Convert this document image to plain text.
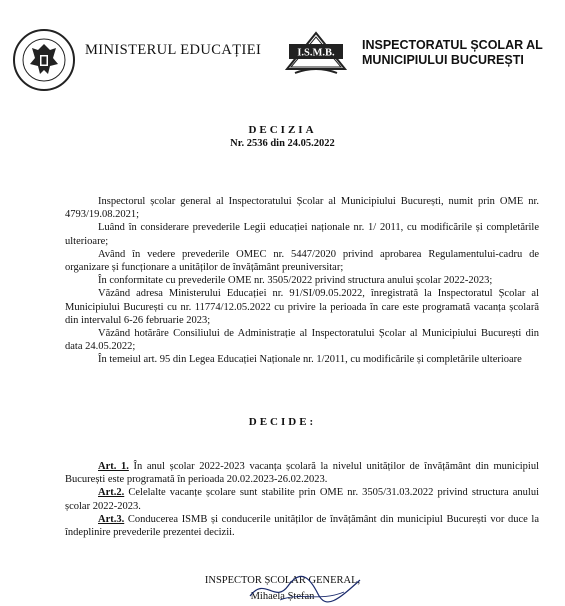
MINISTERUL EDUCAȚIEI	I.S.M.B.
INSPECTORATUL ȘCOLAR AL
MUNICIPIULUI BUCUREȘTI
DECIZIA
Nr. 2536 din 24.05.2022

Inspectorul școlar general al Inspectoratului Școlar al Municipiului București, numit prin OME nr. 4793/19.08.2021;

Luând în considerare prevederile Legii educației naționale nr. 1/ 2011, cu modificările și completările ulterioare;

Având în vedere prevederile OMEC nr. 5447/2020 privind aprobarea Regulamentului-cadru de organizare și funcționare a unităților de învățământ preuniversitar;

În conformitate cu prevederile OME nr. 3505/2022 privind structura anului școlar 2022-2023;

Văzând adresa Ministerului Educației nr. 91/SI/09.05.2022, înregistrată la Inspectoratul Școlar al Municipiului București cu nr. 11774/12.05.2022 cu privire la perioada în care este programată vacanța școlară din intervalul 6-26 februarie 2023;

Văzând hotărâre Consiliului de Administrație al Inspectoratului Școlar al Municipiului București din data 24.05.2022;

În temeiul art. 95 din Legea Educației Naționale nr. 1/2011, cu modificările și completările ulterioare

DECIDE:

Art. 1. În anul școlar 2022-2023 vacanța școlară la nivelul unităților de învățământ din municipiul București este programată în perioada 20.02.2023-26.02.2023.

Art.2. Celelalte vacanțe școlare sunt stabilite prin OME nr. 3505/31.03.2022 privind structura anului școlar 2022-2023.

Art.3. Conducerea ISMB și conducerile unităților de învățământ din municipiul București vor duce la îndeplinire prevederile prezentei decizii.

INSPECTOR ȘCOLAR GENERAL,
Mihaela Ștefan
